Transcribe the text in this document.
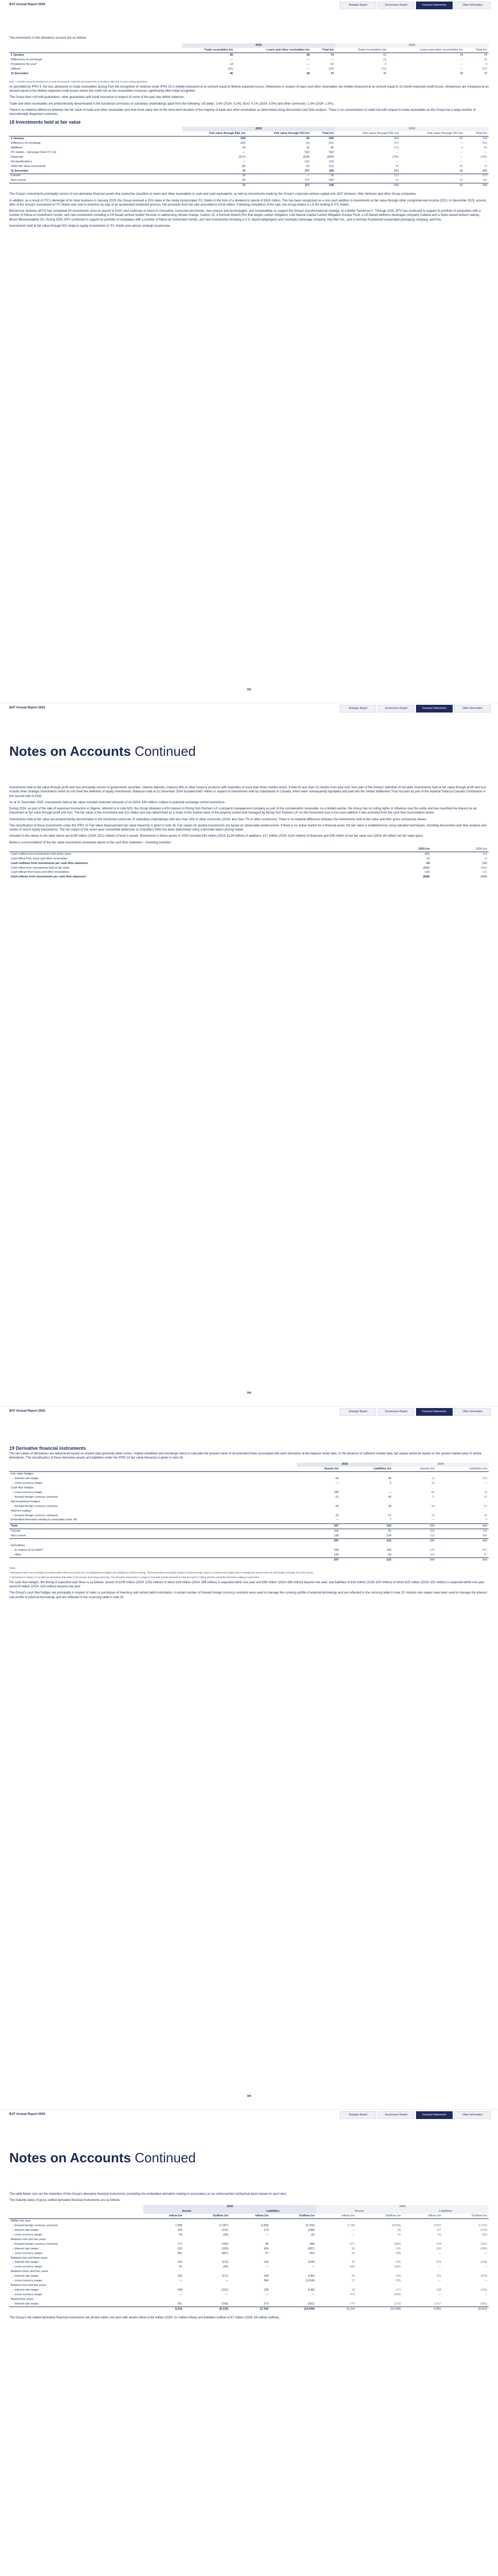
BAT Annual Report 2025	Strategic Report	Governance Report	Financial Statements	Other Information

The movements in the allowance account are as follows:

	2025			2024		
	Trade receivables £m	Loans and other receivables £m	Total £m	Trade receivables £m	Loans and other receivables £m	Total £m
1 January	45	28	73	51	28	79
Differences on exchange	—	—	—	(3)	—	(3)
Provided in the year*	13	—	13	8	—	8
Utilised	(12)	—	(12)	(20)	—	(20)
31 December	46	28	74	45	28	73

Note: * Includes amounts provided as a result of increased credit risk associated with receivables within the Group's trading operations.

As permitted by IFRS 9, the loss allowance on trade receivables arising from the recognition of revenue under IFRS 15 is initially measured at an amount equal to lifetime expected losses. Allowances in respect of loans and other receivables are initially measured at an amount equal to 12-month expected credit losses. Allowances are measured at an amount equal to the lifetime expected credit losses where the credit risk on the receivables increases significantly after initial recognition.

The Group does not hold guarantees, other guarantees and credit insurance in respect of some of the past due debtor balances.

Trade and other receivables are predominantly denominated in the functional currencies of subsidiary undertakings apart from the following: US dollar: 2.6% (2024: 3.2%), Euro: 4.1% (2024: 3.5%) and other currencies: 1.0% (2024: 1.0%).

There is no material difference between the fair value of trade and other receivables and their book value due to the short-term duration of the majority of trade and other receivables as determined using discounted cash flow analysis. There is no concentration of credit risk with respect to trade receivables as the Group has a large number of internationally dispersed customers.

18 Investments held at fair value
	2025			2024		
	Fair value through P&L £m	Fair value through OCI £m	Total £m	Fair value through P&L £m	Fair value through OCI £m	Total £m
1 January	594	65	659	652	67	719
Difference on exchange	(20)	(1)	(21)	(40)	—	(40)
Additions	24	16	40	(13)	4	(9)
ITC Hotels – demerger from ITC Ltd	—	533	533	—	—	—
Disposals	(517)	(318)	(835)	(286)	—	(286)
Reclassifications	—	(11)	(11)	—	—	—
Other fair value movements	(9)	(2)	(11)	80	(6)	74
31 December	72	277	349	594	65	659
Current	16	—	16	513	—	513
Non-current	56	277	333	81	65	146
	72	277	349	594	65	659

The Group's investments principally consist of non-derivative financial assets that cannot be classified as loans and other receivables or cash and cash equivalents, as well as investments made by the Group's corporate venture capital arm, BAT Ventures, Velo Ventures and other Group companies.

In addition, as a result of ITC's demerger of its hotel business in January 2025, the Group received a 15% stake in the newly incorporated ITC Hotels in the form of a dividend in specie of £533 million. This has been recognised as a non-cash addition in investments at fair value through other comprehensive income (OCI). In December 2025, around 88% of the Group's investment in ITC Hotels was sold to investors by way of an accelerated bookbuild process. Net proceeds from the sale amounted to £318 million. Following completion of the sale, the Group retains a c.6.3% holding in ITC Hotels.

Btomorrow Ventures (BTV) has completed 59 investments since its launch in 2020, and continues to invest in innovative, consumer-led brands, new science and technologies, and sustainability, to support the Group's transformational strategy, its A Better Tomorrow™. Through 2025, BTV has continued to support its portfolio of companies with a number of follow-on investment rounds, and new investments including a UK based venture builder focused on addressing climate change, Carbon 13, a German biotech firm that targets carbon mitigation, Ciel Natural Capital Carbon Mitigation Europe Fund, a US-based wellness beverages company Cabana and a Swiss based biotech startup, Bloom Biorenewables SA. During 2025, BTV continued to support its portfolio of companies with a number of follow-on investment rounds, and new investments including a U.S.-based adaptogens and nootropics beverage company, Hey Mim Inc., and a German AI-powered sustainable packaging company, anaTree.

Investments held at fair value through OCI relate to equity investments in ITC Hotels and various strategic businesses.

303
BAT Annual Report 2025	Strategic Report	Governance Report	Financial Statements	Other Information
Notes on Accounts Continued

Investments held at fair value through profit and loss principally consist of government securities, interest deposits, treasury bills or other treasury products with maturities of more than three months which, if held for less than 12 months from year end, form part of the Group's definition of net debt. Investments held at fair value through profit and loss include other strategic investments which do not meet the definition of equity investments. Balances held at 31 December 2024 included £497 million in respect of investments held by subsidiaries in Canada, which were subsequently liquidated and paid into the Global Settlement Trust Account as part of the Imperial Tobacco Canada Contribution in the second half of 2025.

As at 31 December 2025, investments held at fair value included restricted amounts of nil (2024: £80 million) subject to potential exchange control restrictions.

During 2024, as part of the sale of seasoned transaction in Nigeria, referred to in note 5(h), the Group obtained a 40% interest in Rising Sun Partners LP, a property management company as part of the consideration receivable. As a limited partner, the Group has no voting rights or influence over the entity and has classified the interest as an investment at fair value through profit and loss. The fair value of the investment was £11 million and was determined as a share of the market value of the property owned and managed by Rising Sun Partners LP. As the investment was a non-cash addition it was excluded from the cash flow reconciliation below.

Investments held at fair value are predominantly denominated in the functional currencies of subsidiary undertakings with less than 16% in other currencies (2024: less than 7% in other currencies). There is no material difference between the investments held at fair value and their gross contractual values.

The classification of these investments under the IFRS 13 Fair Value Measurement fair value hierarchy is given in note 26. Fair values for quoted investments are based on observable market prices. If there is no active market for a financial asset, the fair value is established by using valuation techniques, including discounted cash flow analysis and review of recent equity transactions. The fair values of the seven-year convertible debenture to Charlotte's Web has been determined using a binomial option pricing model.

Included in the values in the table above are £336 million (2024: £212 million) of level 3 assets. Movements in these assets in 2025 included £40 million (2024: £126 million) of additions, £17 million (2024: £114 million) of disposals and £38 million of net fair value loss (2024: £6 million net fair value gain).

Below is a reconciliation of the fair value investments presented above to the cash flow statement – investing activities:

	2025 £m	2024 £m
Cash outflow from investments held at fair value	(40)	304
Cash inflow from loans and other receivables	15	12
Cash outflows from investments per cash flow statement	54	(29)
Cash inflow from investments held at fair value	(835)	(286)
Cash inflows from loans and other receivables	(13)	(11)
Cash inflows from investments per cash flow statement	(848)	(299)
304
BAT Annual Report 2025	Strategic Report	Governance Report	Financial Statements	Other Information
19 Derivative financial instruments

The fair values of derivatives are determined based on market data (primarily yield curves, implied volatilities and exchange rates) to calculate the present value of all estimated flows associated with each derivative at the balance sheet date. In the absence of sufficient market data, fair values would be based on the quoted market price of similar derivatives. The classification of these derivative assets and liabilities under the IFRS 13 fair value hierarchy is given in note 26.

	2025		2024	
	Assets £m	Liabilities £m	Assets £m	Liabilities £m
Fair value hedges				
– interest rate swaps	64	82	11	270
– cross-currency swaps	—	5	19	—
Cash flow hedges				
– cross-currency swaps	106	—	81	16
– forward foreign currency contracts	61	43	71	31
Net investment hedges				
– forward foreign currency contracts	65	18	35	67
Held-for-trading*				
– forward foreign currency contracts	22	57	79	31
Embedded derivative relating to associates (note 14)	—	7	—	9

Total	297	215	296	424
Current	162	91	186	158
Non-current	135	124	110	266
	297	215	296	424
Derivatives				
– in respect of net debt**	158	146	144	357
– other	139	69	152	67
	297	215	296	424

Notes:

* Derivatives which are not hedge accounted under IFRS 9 and which are not designated as hedges are classified as held-for-trading. These derivatives principally consist of forward foreign currency contracts and swaps used to manage the interest rate risk and foreign exchange risk of the Group.

** Derivatives in respect of net debt are derivatives that relate to the Group's borrowings (note 23). The derivative transactions in respect of net debt include transactions that are held for trading and the embedded derivative relating to associates.

For cash flow hedges, the timing of expected cash flows is as follows: assets of £106 million (2024: £152 million) of which £18 million (2024: £86 million) is expected within one year and £88 million (2024: £66 million) beyond one year; and liabilities of £43 million (2024: £47 million) of which £25 million (2024: £31 million) is expected within one year and £18 million (2024: £16 million) beyond one year.

The Group's cash flow hedges are principally in respect of sales or purchases of inventory and certain debt instruments. A certain number of forward foreign currency contracts were used to manage the currency profile of external borrowings and are reflected in the currency table in note 23. Interest rate swaps have been used to manage the interest rate profile of external borrowings and are reflected in the re-pricing table in note 23.

305
BAT Annual Report 2025	Strategic Report	Governance Report	Financial Statements	Other Information
Notes on Accounts Continued

The table below sets out the maturities of the Group's derivative financial instruments (excluding the embedded derivative relating to associates) on an undiscounted contractual basis based on spot rates.

The maturity dates of gross settled derivative financial instruments are as follows:

	2025				2024			
	Assets		Liabilities		Assets		Liabilities	
	Inflow £m	Outflow £m	Inflow £m	Outflow £m	Inflow £m	Outflow £m	Inflow £m	Outflow £m
Within one year								
– forward foreign currency contracts	7,208	(7,067)	6,590	(6,703)	8,748	(8,558)	8,952	(7,075)
– interest rate swaps	100	(101)	174	(248)	—	(8)	117	(234)
– cross-currency swaps	63	(53)	—	(6)	—	(1)	(3)	(39)
Between one and two years								
– forward foreign currency contracts	771	(755)	95	(98)	877	(865)	199	(202)
– interest rate swaps	120	(105)	834	(857)	18	(14)	235	(256)
– cross-currency swaps	581	(467)	57	(62)	34	(28)	—	—
Between two and three years								
– interest rate swaps	120	(112)	126	(139)	18	(15)	229	(248)
– cross-currency swaps	51	(46)	—	—	584	(492)	—	—
Between three and four years								
– interest rate swaps	120	(117)	138	(145)	18	(16)	116	(219)
– cross-currency swaps	—	—	594	(1,018)	27	(25)	—	—
Between four and five years								
– interest rate swaps	108	(101)	136	(148)	18	(17)	138	(156)
– cross-currency swaps	—	—	—	—	473	(684)	—	—
Beyond five years								
– interest rate swaps	291	(293)	279	(331)	279	(273)	1,217	(981)
	9,618	(9,129)	12,326	(12,606)	11,104	(11,045)	9,662	(9,510)

The Group's net settled derivative financial instruments are all due within one year with assets inflow of £8 million (2024: £1 million inflow) and liabilities outflow of £7 million (2024: £8 million outflow).
